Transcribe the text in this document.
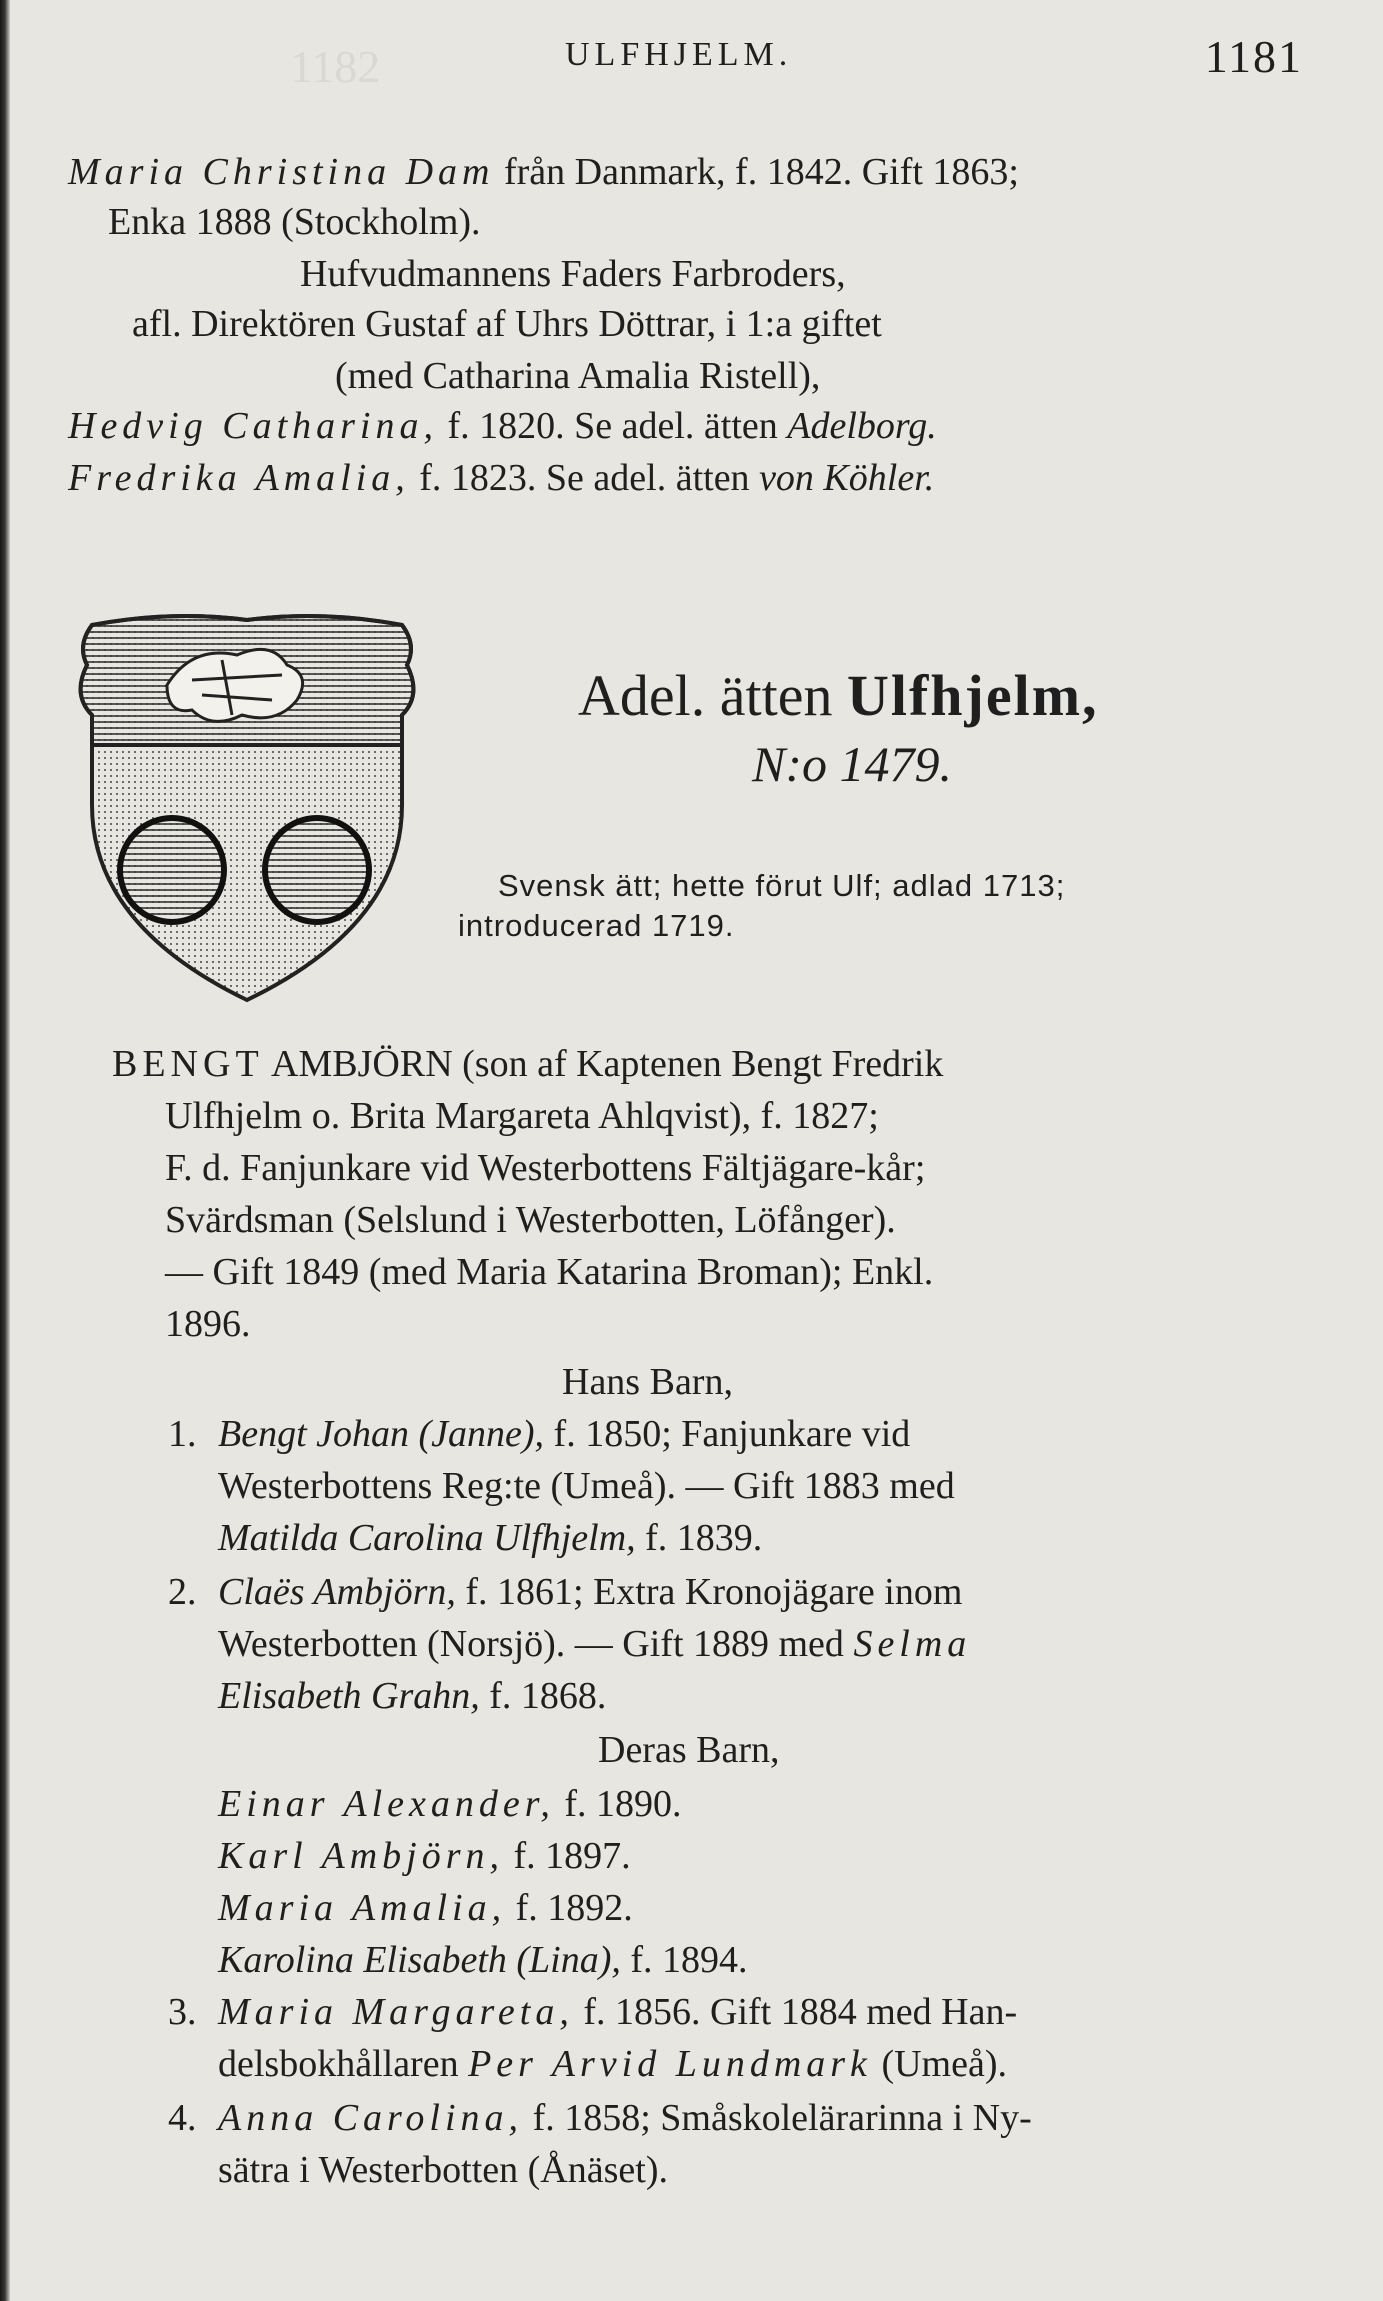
1182	ULFHJELM.	1181
Maria Christina Dam från Danmark, f. 1842. Gift 1863;
Enka 1888 (Stockholm).
Hufvudmannens Faders Farbroders,
afl. Direktören Gustaf af Uhrs Döttrar, i 1:a giftet
(med Catharina Amalia Ristell),
Hedvig Catharina, f. 1820. Se adel. ätten Adelborg.
Fredrika Amalia, f. 1823. Se adel. ätten von Köhler.
Adel. ätten Ulfhjelm,
N:o 1479.
Svensk ätt; hette förut Ulf; adlad 1713;
introducerad 1719.
BENGT AMBJÖRN (son af Kaptenen Bengt Fredrik
Ulfhjelm o. Brita Margareta Ahlqvist), f. 1827;
F. d. Fanjunkare vid Westerbottens Fältjägare-kår;
Svärdsman (Selslund i Westerbotten, Löfånger).
— Gift 1849 (med Maria Katarina Broman); Enkl.
1896.
Hans Barn,
1. Bengt Johan (Janne), f. 1850; Fanjunkare vid
Westerbottens Reg:te (Umeå). — Gift 1883 med
Matilda Carolina Ulfhjelm, f. 1839.
2. Claës Ambjörn, f. 1861; Extra Kronojägare inom
Westerbotten (Norsjö). — Gift 1889 med Selma
Elisabeth Grahn, f. 1868.
Deras Barn,
Einar Alexander, f. 1890.
Karl Ambjörn, f. 1897.
Maria Amalia, f. 1892.
Karolina Elisabeth (Lina), f. 1894.
3. Maria Margareta, f. 1856. Gift 1884 med Han-
delsbokhållaren Per Arvid Lundmark (Umeå).
4. Anna Carolina, f. 1858; Småskolelärarinna i Ny-
sätra i Westerbotten (Ånäset).
